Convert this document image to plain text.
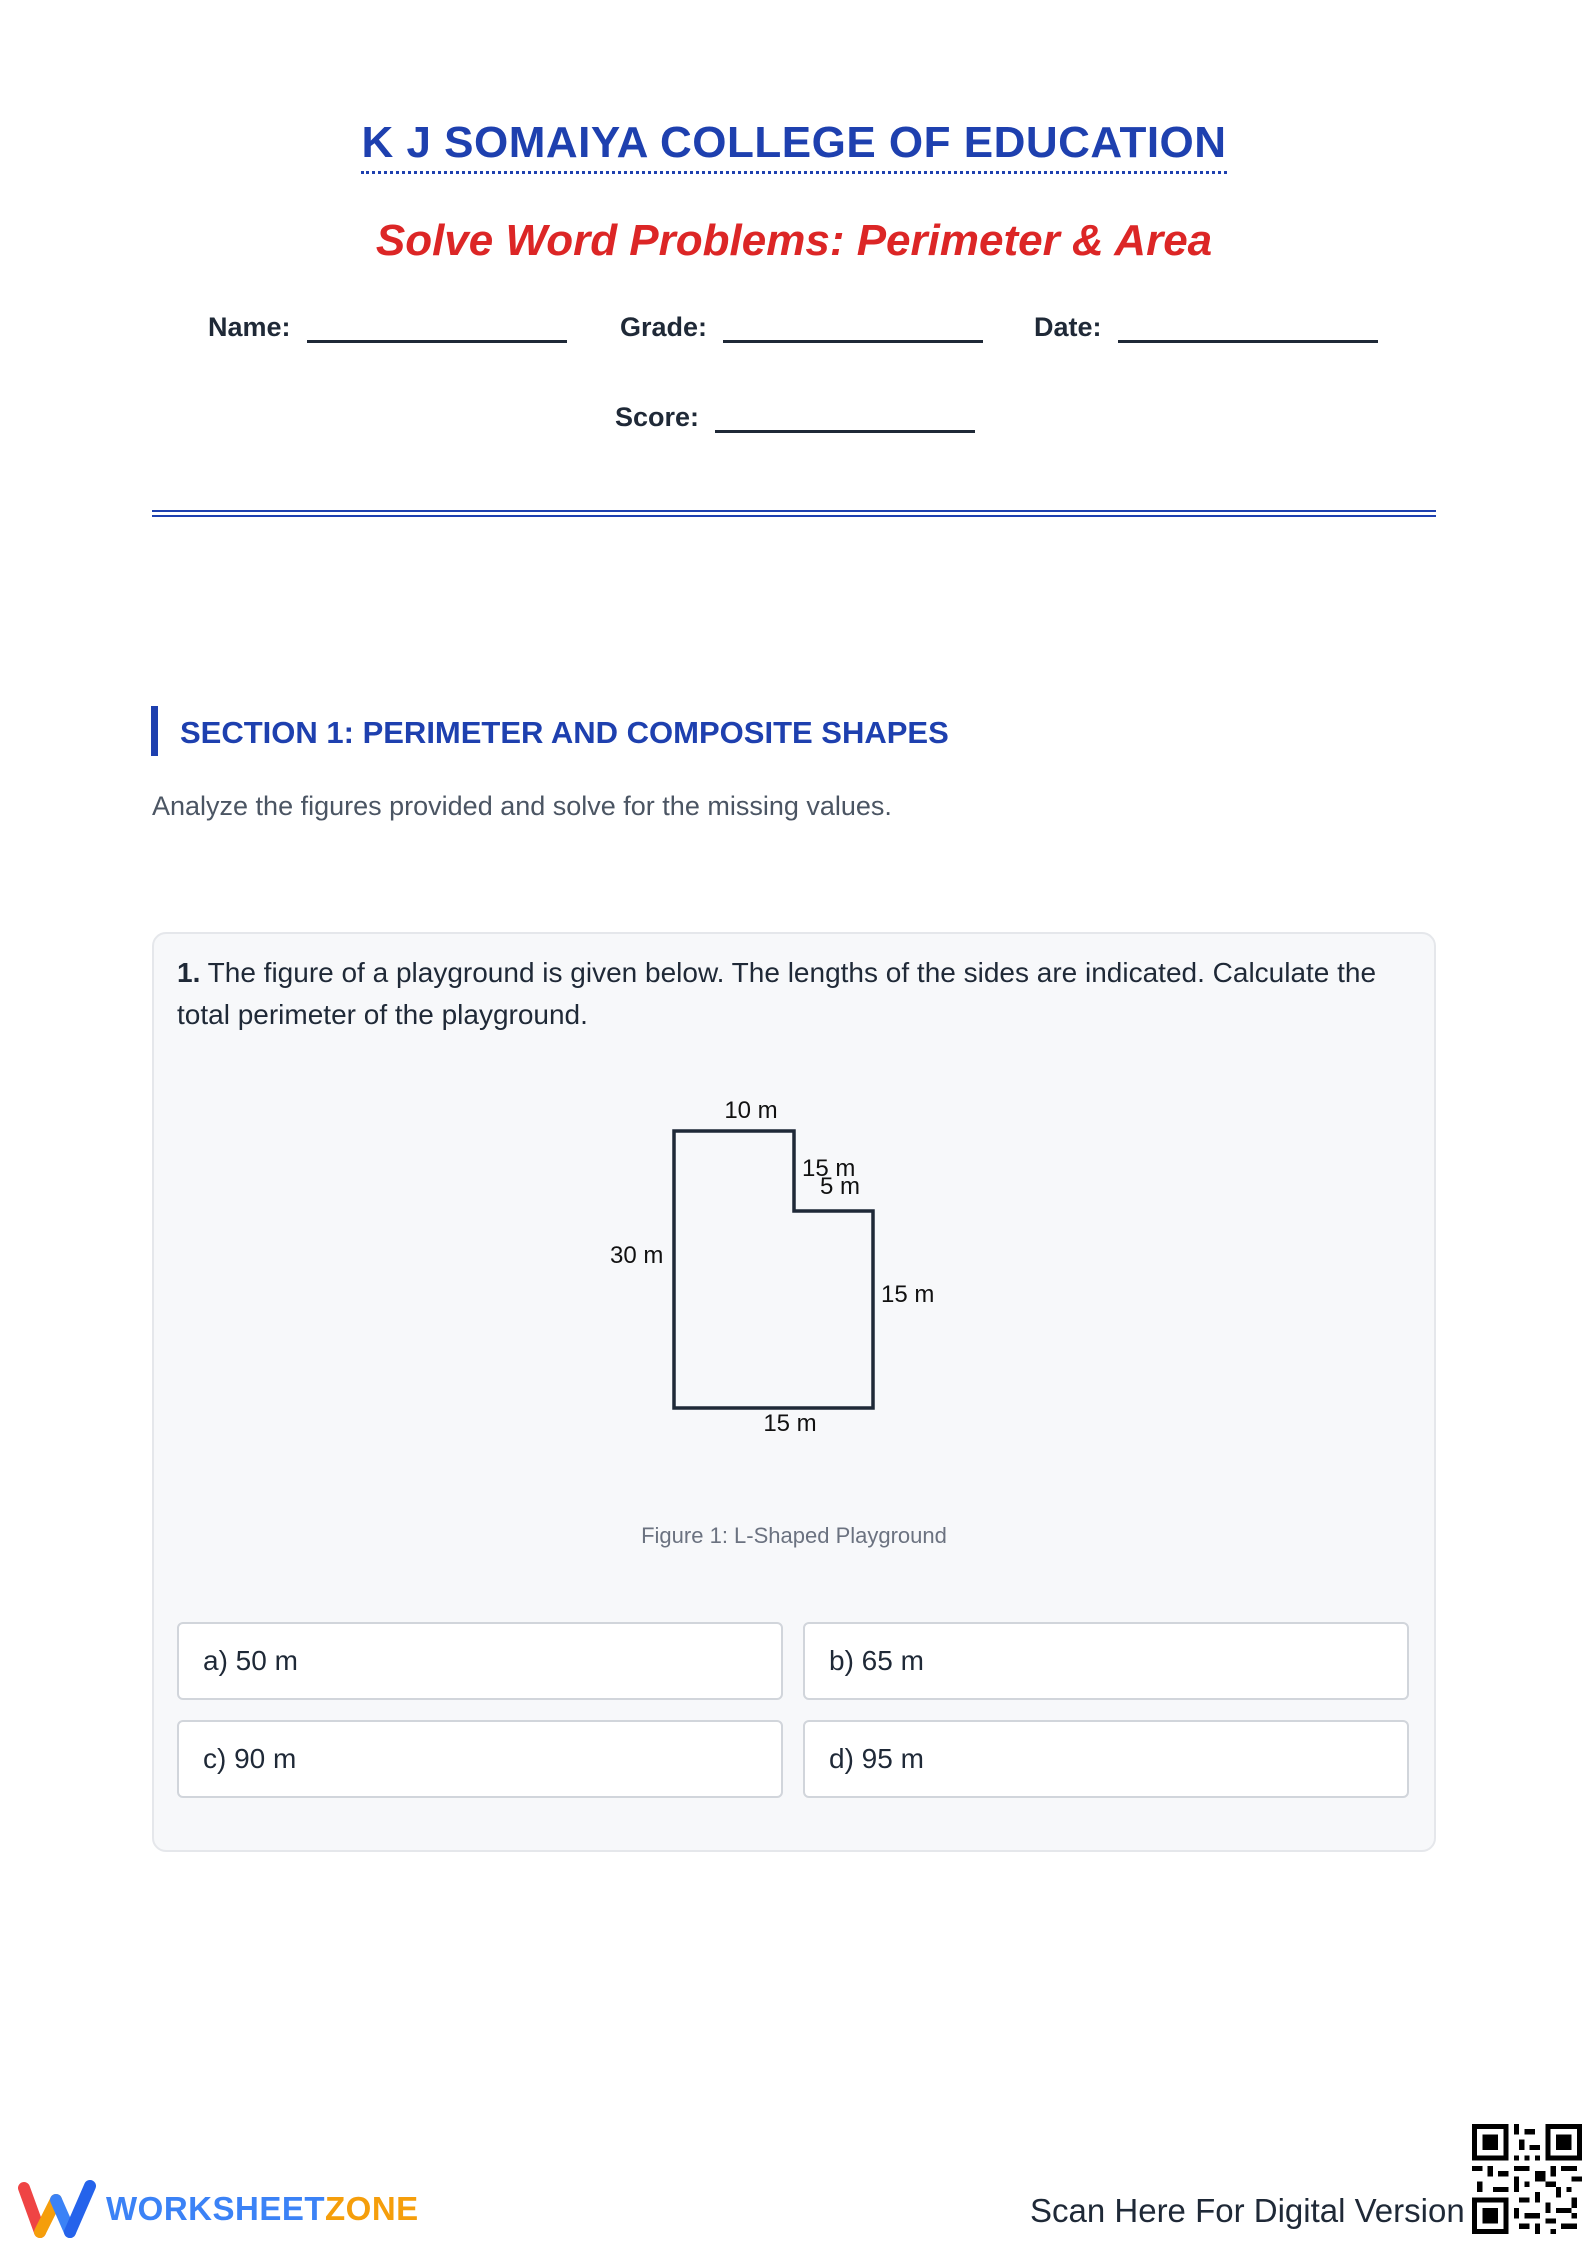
K J SOMAIYA COLLEGE OF EDUCATION
Solve Word Problems: Perimeter & Area
Name:	Grade:	Date:
Score:
SECTION 1: PERIMETER AND COMPOSITE SHAPES
Analyze the figures provided and solve for the missing values.
1. The figure of a playground is given below. The lengths of the sides are indicated. Calculate the total perimeter of the playground.
10 m
15 m
5 m
30 m
15 m
15 m
Figure 1: L-Shaped Playground
a) 50 m	b) 65 m
c) 90 m	d) 95 m
WORKSHEETZONE	Scan Here For Digital Version
